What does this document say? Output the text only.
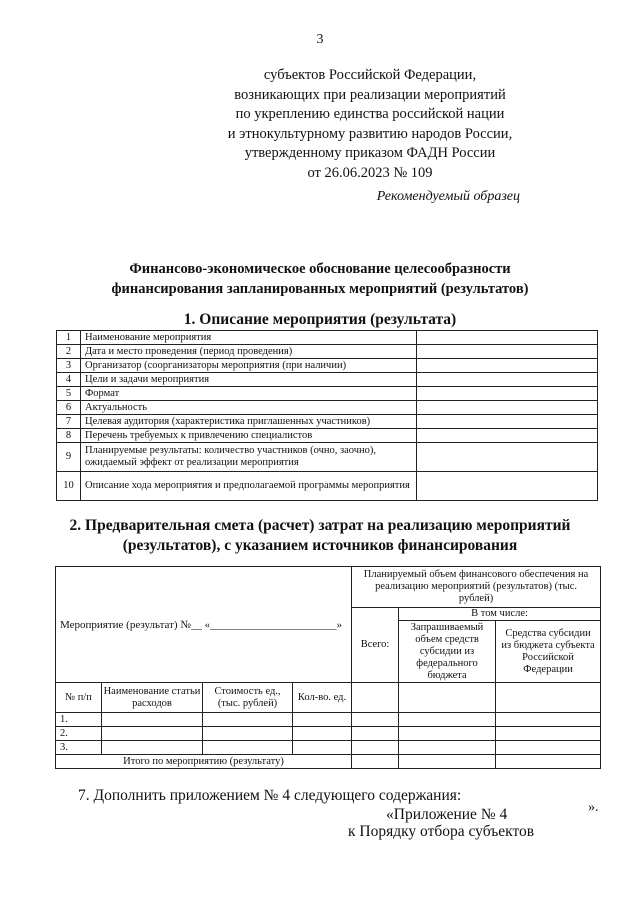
3
субъектов Российской Федерации,
возникающих при реализации мероприятий
по укреплению единства российской нации
и этнокультурному развитию народов России,
утвержденному приказом ФАДН России
от 26.06.2023 № 109
Рекомендуемый образец
Финансово-экономическое обоснование целесообразности
финансирования запланированных мероприятий (результатов)
1. Описание мероприятия (результата)
1	Наименование мероприятия	
2	Дата и место проведения (период проведения)	
3	Организатор (соорганизаторы мероприятия (при наличии)	
4	Цели и задачи мероприятия	
5	Формат	
6	Актуальность	
7	Целевая аудитория (характеристика приглашенных участников)	
8	Перечень требуемых к привлечению специалистов	
9	Планируемые результаты: количество участников (очно, заочно), ожидаемый эффект от реализации мероприятия	
10	Описание хода мероприятия и предполагаемой программы мероприятия	
2. Предварительная смета (расчет) затрат на реализацию мероприятий
(результатов), с указанием источников финансирования
Мероприятие (результат) №__ «_______________________»				Планируемый объем финансового обеспечения на реализацию мероприятий (результатов) (тыс. рублей)		
				Всего:	В том числе:	
					Запрашиваемый объем средств субсидии из федерального бюджета	Средства субсидии из бюджета субъекта Российской Федерации
№ п/п	Наименование статьи расходов	Стоимость ед., (тыс. рублей)	Кол-во. ед.			
1.						
2.						
3.						
Итого по мероприятию (результату)						
».
7. Дополнить приложением № 4 следующего содержания:
«Приложение № 4
к Порядку отбора субъектов
